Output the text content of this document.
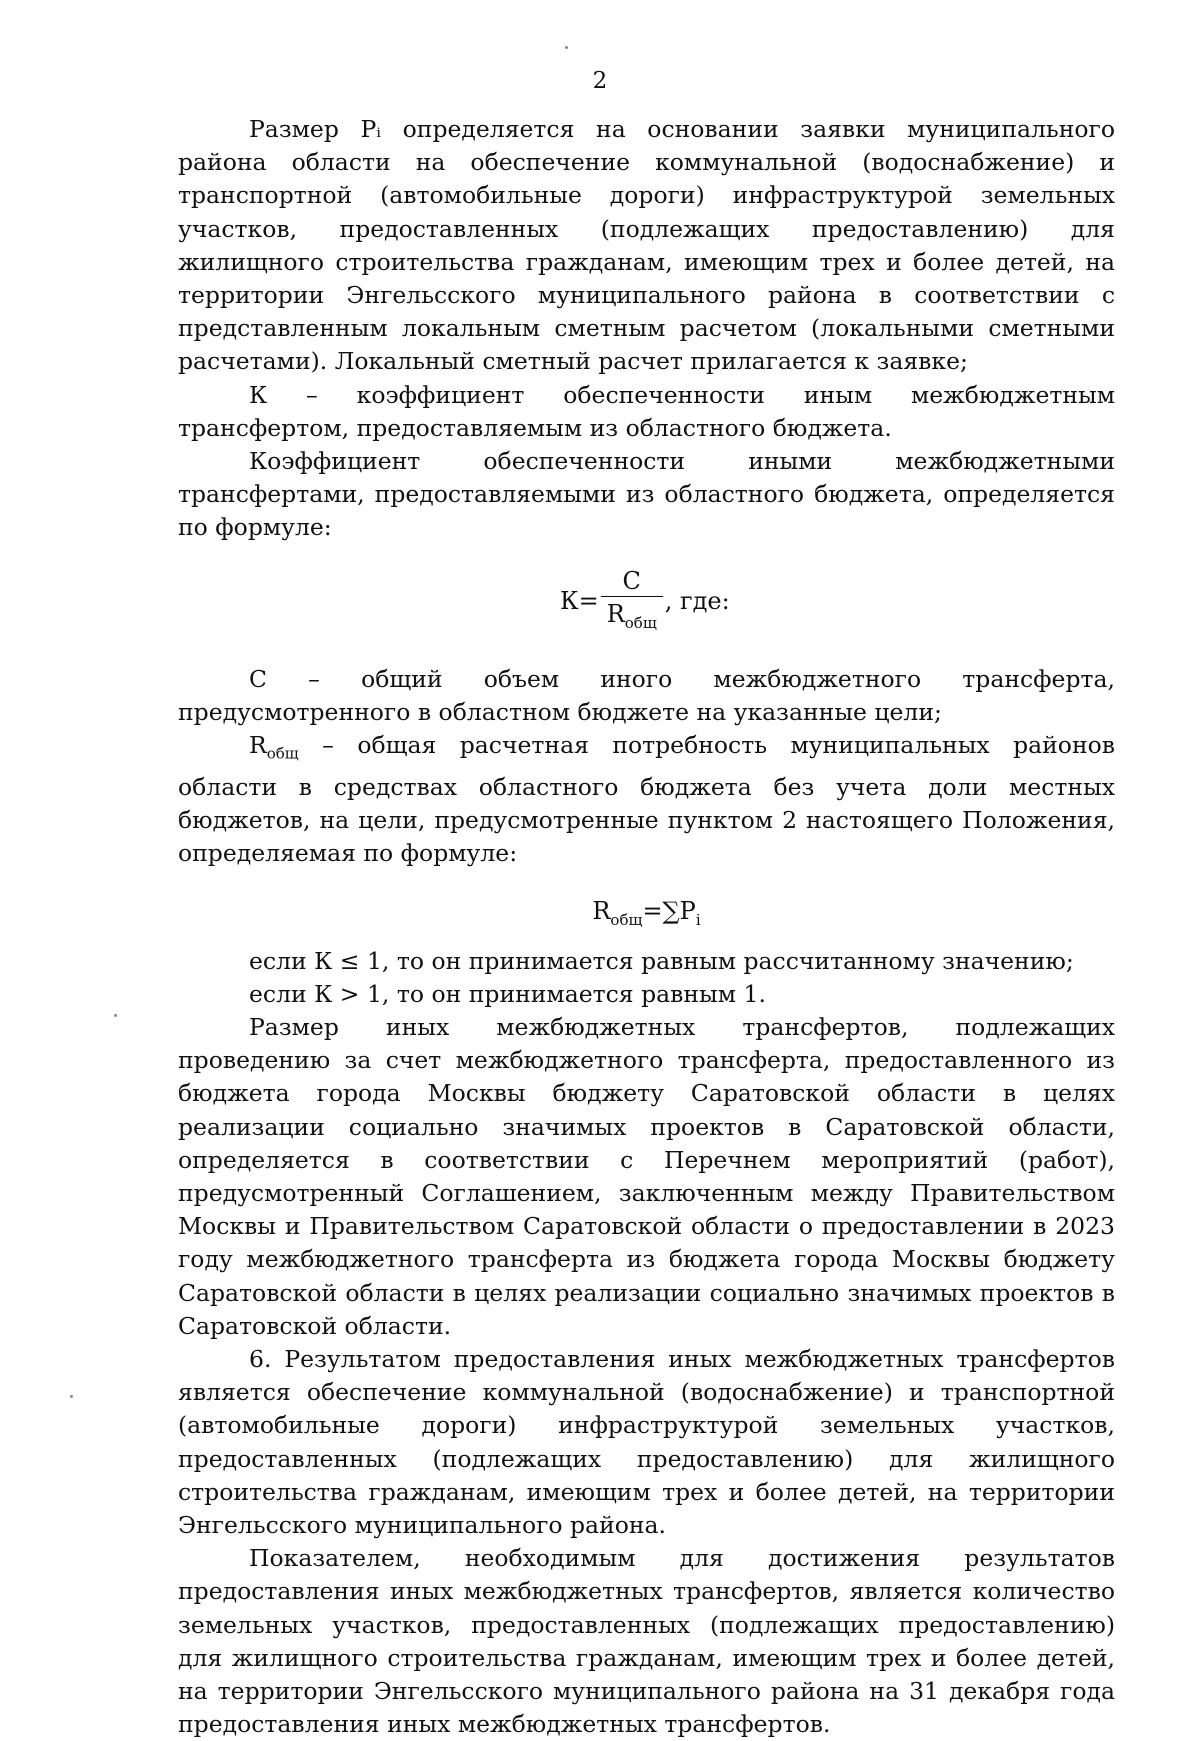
2

Размер Pᵢ определяется на основании заявки муниципального района области на обеспечение коммунальной (водоснабжение) и транспортной (автомобильные дороги) инфраструктурой земельных участков, предоставленных (подлежащих предоставлению) для жилищного строительства гражданам, имеющим трех и более детей, на территории Энгельсского муниципального района в соответствии с представленным локальным сметным расчетом (локальными сметными расчетами). Локальный сметный расчет прилагается к заявке;

К – коэффициент обеспеченности иным межбюджетным трансфертом, предоставляемым из областного бюджета.

Коэффициент обеспеченности иными межбюджетными трансфертами, предоставляемыми из областного бюджета, определяется по формуле:

$К= \frac{С}{R_{общ}}$ , где:

С – общий объем иного межбюджетного трансферта, предусмотренного в областном бюджете на указанные цели;

$R_{общ}$ – общая расчетная потребность муниципальных районов области в средствах областного бюджета без учета доли местных бюджетов, на цели, предусмотренные пунктом 2 настоящего Положения, определяемая по формуле:

$R_{общ}=\sum P_i$

если К ≤ 1, то он принимается равным рассчитанному значению;

если К > 1, то он принимается равным 1.

Размер иных межбюджетных трансфертов, подлежащих проведению за счет межбюджетного трансферта, предоставленного из бюджета города Москвы бюджету Саратовской области в целях реализации социально значимых проектов в Саратовской области, определяется в соответствии с Перечнем мероприятий (работ), предусмотренный Соглашением, заключенным между Правительством Москвы и Правительством Саратовской области о предоставлении в 2023 году межбюджетного трансферта из бюджета города Москвы бюджету Саратовской области в целях реализации социально значимых проектов в Саратовской области.

6. Результатом предоставления иных межбюджетных трансфертов является обеспечение коммунальной (водоснабжение) и транспортной (автомобильные дороги) инфраструктурой земельных участков, предоставленных (подлежащих предоставлению) для жилищного строительства гражданам, имеющим трех и более детей, на территории Энгельсского муниципального района.

Показателем, необходимым для достижения результатов предоставления иных межбюджетных трансфертов, является количество земельных участков, предоставленных (подлежащих предоставлению) для жилищного строительства гражданам, имеющим трех и более детей, на территории Энгельсского муниципального района на 31 декабря года предоставления иных межбюджетных трансфертов.
